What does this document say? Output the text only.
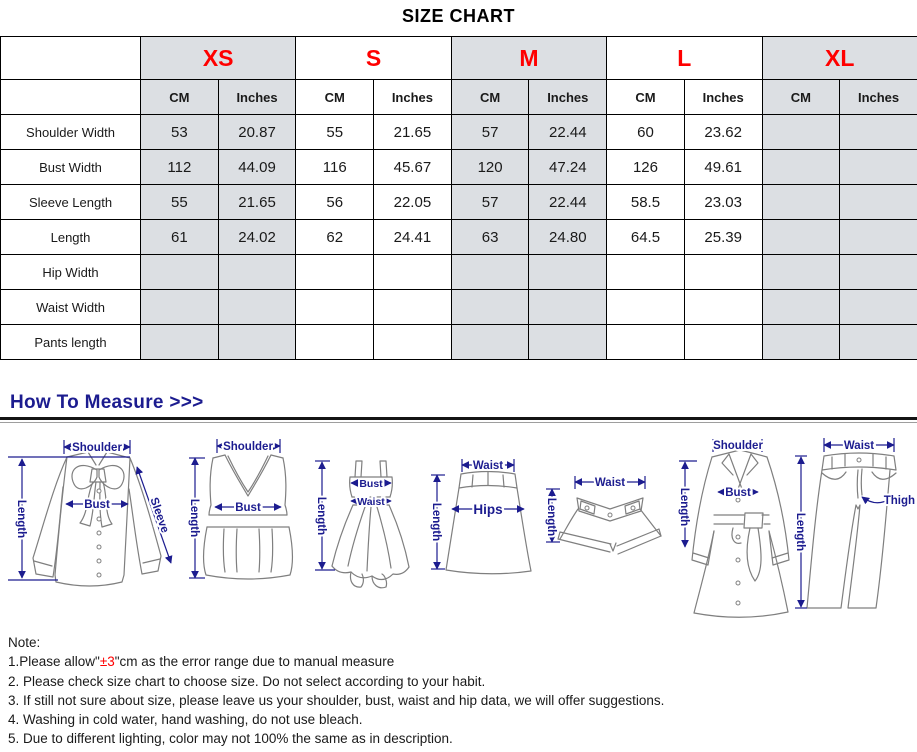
SIZE CHART
	XS		S		M		L		XL	
	CM	Inches	CM	Inches	CM	Inches	CM	Inches	CM	Inches
Shoulder Width	53	20.87	55	21.65	57	22.44	60	23.62		
Bust Width	112	44.09	116	45.67	120	47.24	126	49.61		
Sleeve Length	55	21.65	56	22.05	57	22.44	58.5	23.03		
Length	61	24.02	62	24.41	63	24.80	64.5	25.39		
Hip Width										
Waist Width										
Pants length										
How To Measure >>>
Shoulder
Length	Bust	Sleeve
Shoulder
Length	Bust	Length
Bust
Waist
Waist
Hips
Length
Waist
Length
Shoulder
Length	Bust
Waist
Thigh
Length
Note:
1.Please allow"±3"cm as the error range due to manual measure
2. Please check size chart to choose size. Do not select according to your habit.
3. If still not sure about size, please leave us your shoulder, bust, waist and hip data, we will offer suggestions.
4. Washing in cold water, hand washing, do not use bleach.
5. Due to different lighting, color may not 100% the same as in description.
